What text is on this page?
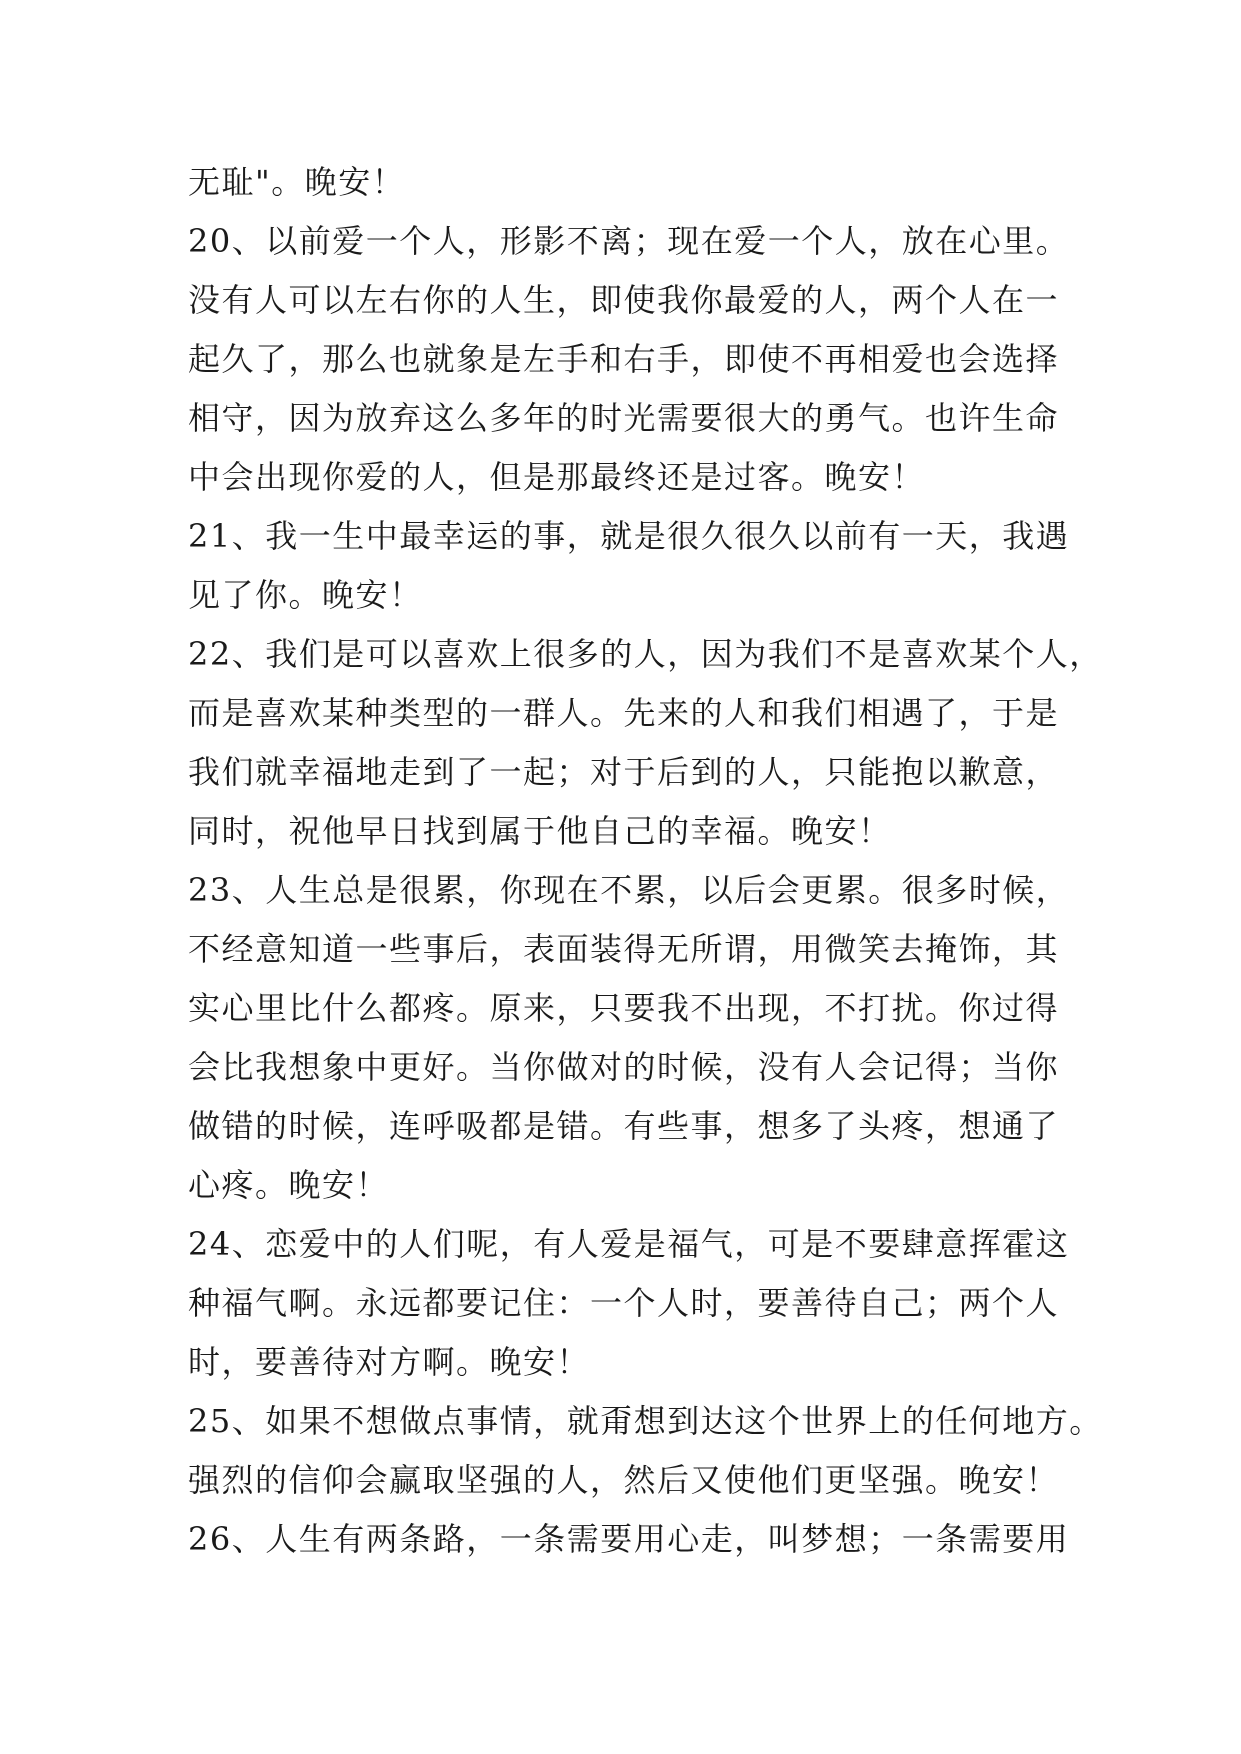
无耻"。晚安！
20、以前爱一个人，形影不离；现在爱一个人，放在心里。
没有人可以左右你的人生，即使我你最爱的人，两个人在一
起久了，那么也就象是左手和右手，即使不再相爱也会选择
相守，因为放弃这么多年的时光需要很大的勇气。也许生命
中会出现你爱的人，但是那最终还是过客。晚安！
21、我一生中最幸运的事，就是很久很久以前有一天，我遇
见了你。晚安！
22、我们是可以喜欢上很多的人，因为我们不是喜欢某个人，
而是喜欢某种类型的一群人。先来的人和我们相遇了，于是
我们就幸福地走到了一起；对于后到的人，只能抱以歉意，
同时，祝他早日找到属于他自己的幸福。晚安！
23、人生总是很累，你现在不累，以后会更累。很多时候，
不经意知道一些事后，表面装得无所谓，用微笑去掩饰，其
实心里比什么都疼。原来，只要我不出现，不打扰。你过得
会比我想象中更好。当你做对的时候，没有人会记得；当你
做错的时候，连呼吸都是错。有些事，想多了头疼，想通了
心疼。晚安！
24、恋爱中的人们呢，有人爱是福气，可是不要肆意挥霍这
种福气啊。永远都要记住：一个人时，要善待自己；两个人
时，要善待对方啊。晚安！
25、如果不想做点事情，就甭想到达这个世界上的任何地方。
强烈的信仰会赢取坚强的人，然后又使他们更坚强。晚安！
26、人生有两条路，一条需要用心走，叫梦想；一条需要用
